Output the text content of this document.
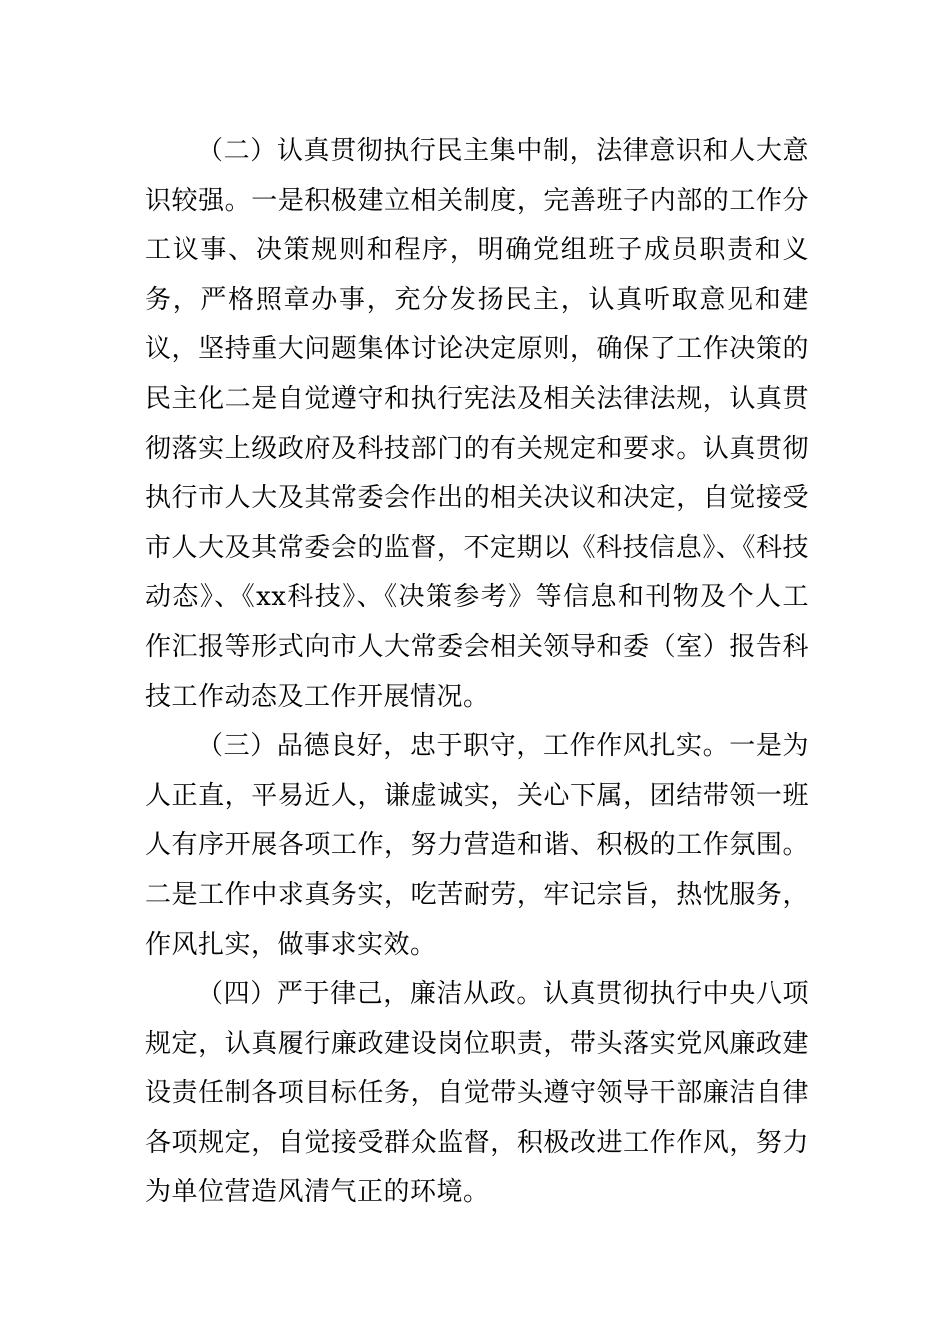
（二）认真贯彻执行民主集中制，法律意识和人大意识较强。一是积极建立相关制度，完善班子内部的工作分工议事、决策规则和程序，明确党组班子成员职责和义务，严格照章办事，充分发扬民主，认真听取意见和建议，坚持重大问题集体讨论决定原则，确保了工作决策的民主化二是自觉遵守和执行宪法及相关法律法规，认真贯彻落实上级政府及科技部门的有关规定和要求。认真贯彻执行市人大及其常委会作出的相关决议和决定，自觉接受市人大及其常委会的监督，不定期以《科技信息》、《科技动态》、《xx科技》、《决策参考》等信息和刊物及个人工作汇报等形式向市人大常委会相关领导和委（室）报告科技工作动态及工作开展情况。

（三）品德良好，忠于职守，工作作风扎实。一是为人正直，平易近人，谦虚诚实，关心下属，团结带领一班人有序开展各项工作，努力营造和谐、积极的工作氛围。二是工作中求真务实，吃苦耐劳，牢记宗旨，热忱服务，作风扎实，做事求实效。

（四）严于律己，廉洁从政。认真贯彻执行中央八项规定，认真履行廉政建设岗位职责，带头落实党风廉政建设责任制各项目标任务，自觉带头遵守领导干部廉洁自律各项规定，自觉接受群众监督，积极改进工作作风，努力为单位营造风清气正的环境。
